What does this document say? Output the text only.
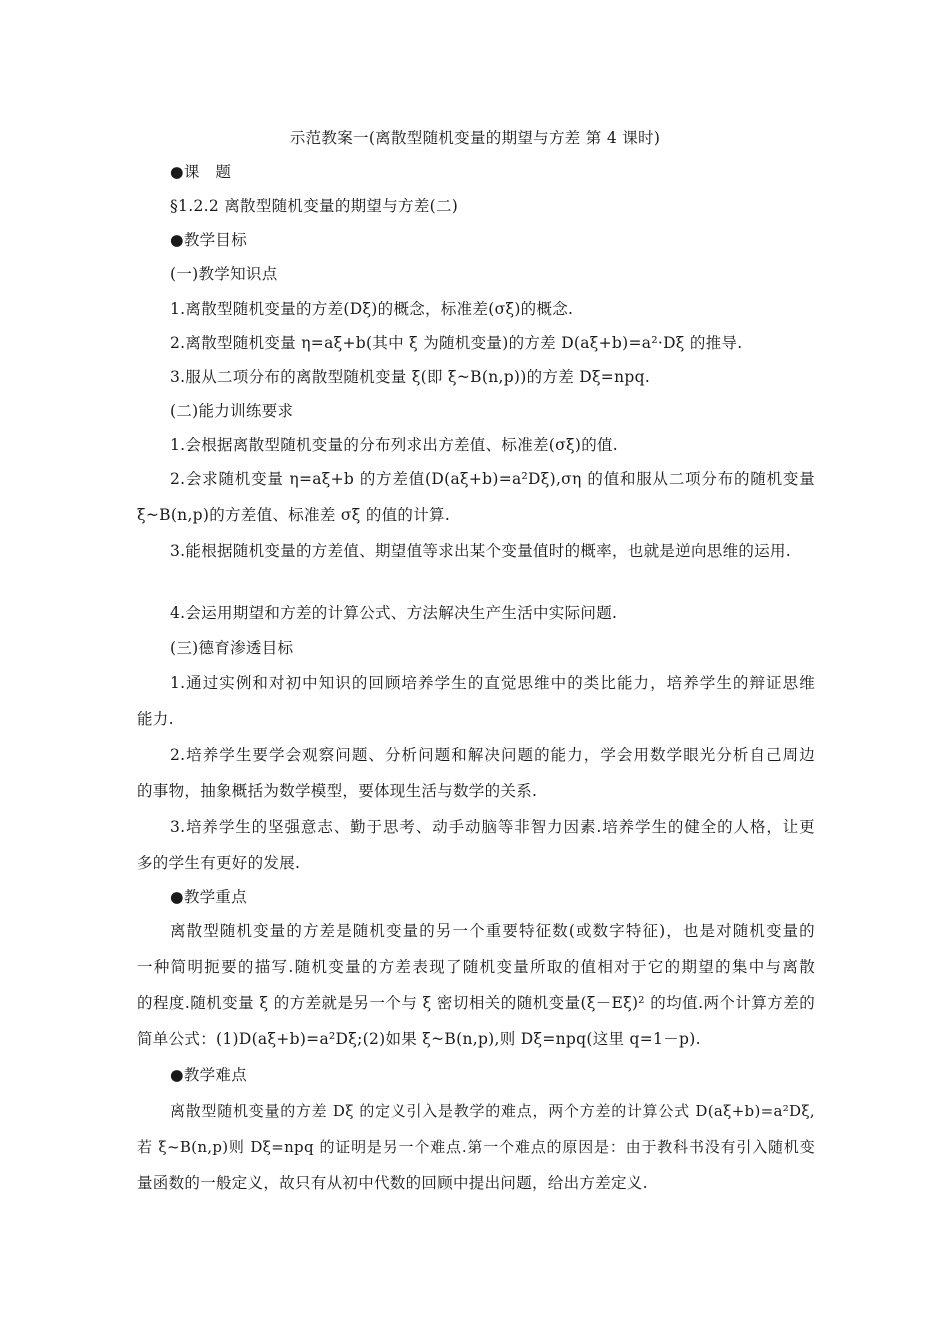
示范教案一(离散型随机变量的期望与方差 第 4 课时)
●课　题
§1.2.2 离散型随机变量的期望与方差(二)
●教学目标
(一)教学知识点
1.离散型随机变量的方差(Dξ)的概念，标准差(σξ)的概念.
2.离散型随机变量 η=aξ+b(其中 ξ 为随机变量)的方差 D(aξ+b)=a²·Dξ 的推导.
3.服从二项分布的离散型随机变量 ξ(即 ξ~B(n,p))的方差 Dξ=npq.
(二)能力训练要求
1.会根据离散型随机变量的分布列求出方差值、标准差(σξ)的值.
2.会求随机变量 η=aξ+b 的方差值(D(aξ+b)=a²Dξ),ση 的值和服从二项分布的随机变量
ξ~B(n,p)的方差值、标准差 σξ 的值的计算.
3.能根据随机变量的方差值、期望值等求出某个变量值时的概率，也就是逆向思维的运用.
4.会运用期望和方差的计算公式、方法解决生产生活中实际问题.
(三)德育渗透目标
1.通过实例和对初中知识的回顾培养学生的直觉思维中的类比能力，培养学生的辩证思维
能力.
2.培养学生要学会观察问题、分析问题和解决问题的能力，学会用数学眼光分析自己周边
的事物，抽象概括为数学模型，要体现生活与数学的关系.
3.培养学生的坚强意志、勤于思考、动手动脑等非智力因素.培养学生的健全的人格，让更
多的学生有更好的发展.
●教学重点
离散型随机变量的方差是随机变量的另一个重要特征数(或数字特征)，也是对随机变量的
一种简明扼要的描写.随机变量的方差表现了随机变量所取的值相对于它的期望的集中与离散
的程度.随机变量 ξ 的方差就是另一个与 ξ 密切相关的随机变量(ξ－Eξ)² 的均值.两个计算方差的
简单公式：(1)D(aξ+b)=a²Dξ;(2)如果 ξ~B(n,p),则 Dξ=npq(这里 q=1－p).
●教学难点
离散型随机变量的方差 Dξ 的定义引入是教学的难点，两个方差的计算公式 D(aξ+b)=a²Dξ,
若 ξ~B(n,p)则 Dξ=npq 的证明是另一个难点.第一个难点的原因是：由于教科书没有引入随机变
量函数的一般定义，故只有从初中代数的回顾中提出问题，给出方差定义.
